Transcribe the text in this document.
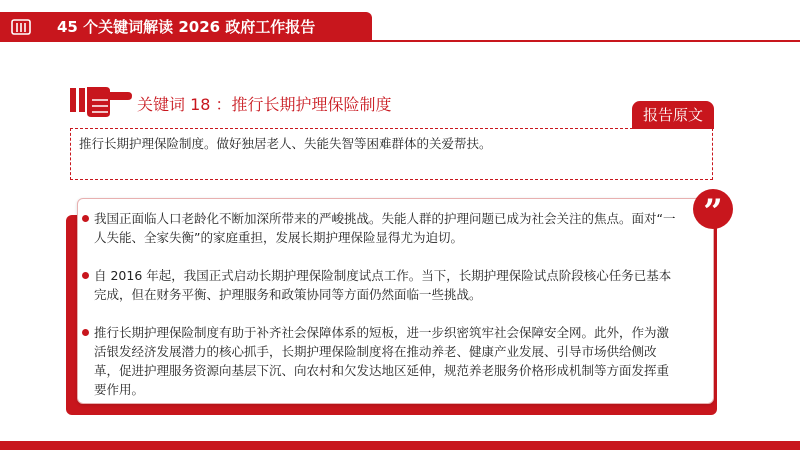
45 个关键词解读 2026 政府工作报告
关键词 18 ：推行长期护理保险制度
报告原文
推行长期护理保险制度。做好独居老人、失能失智等困难群体的关爱帮扶。
我国正面临人口老龄化不断加深所带来的严峻挑战。失能人群的护理问题已成为社会关注的焦点。面对“一人失能、全家失衡”的家庭重担，发展长期护理保险显得尤为迫切。
自 2016 年起，我国正式启动长期护理保险制度试点工作。当下，长期护理保险试点阶段核心任务已基本完成，但在财务平衡、护理服务和政策协同等方面仍然面临一些挑战。
推行长期护理保险制度有助于补齐社会保障体系的短板，进一步织密筑牢社会保障安全网。此外，作为激活银发经济发展潜力的核心抓手，长期护理保险制度将在推动养老、健康产业发展、引导市场供给侧改革，促进护理服务资源向基层下沉、向农村和欠发达地区延伸，规范养老服务价格形成机制等方面发挥重要作用。
”
